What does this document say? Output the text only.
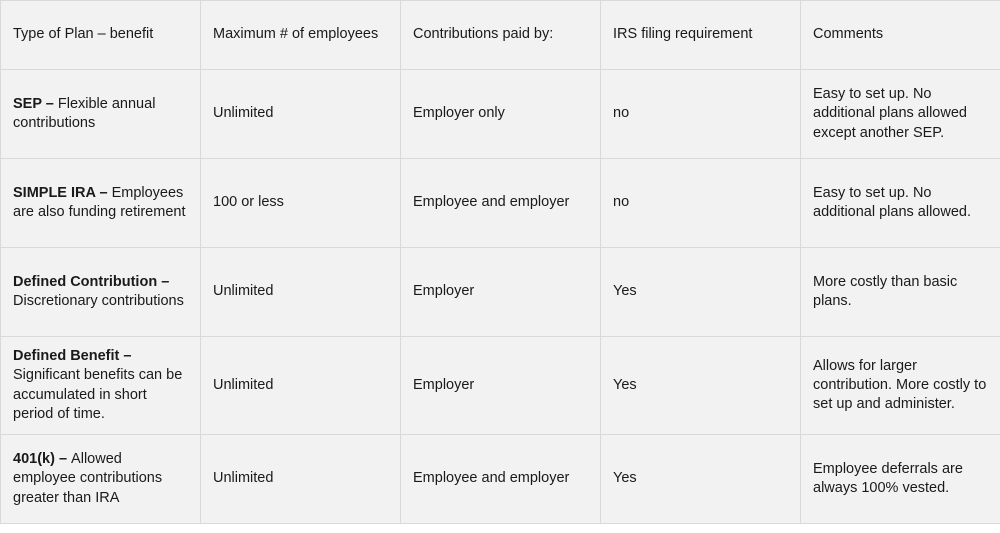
Type of Plan – benefit	Maximum # of employees	Contributions paid by:	IRS filing requirement	Comments
SEP – Flexible annual contributions	Unlimited	Employer only	no	Easy to set up. No additional plans allowed except another SEP.
SIMPLE IRA – Employees are also funding retirement	100 or less	Employee and employer	no	Easy to set up. No additional plans allowed.
Defined Contribution – Discretionary contributions	Unlimited	Employer	Yes	More costly than basic plans.
Defined Benefit – Significant benefits can be accumulated in short period of time.	Unlimited	Employer	Yes	Allows for larger contribution. More costly to set up and administer.
401(k) – Allowed employee contributions greater than IRA	Unlimited	Employee and employer	Yes	Employee deferrals are always 100% vested.
